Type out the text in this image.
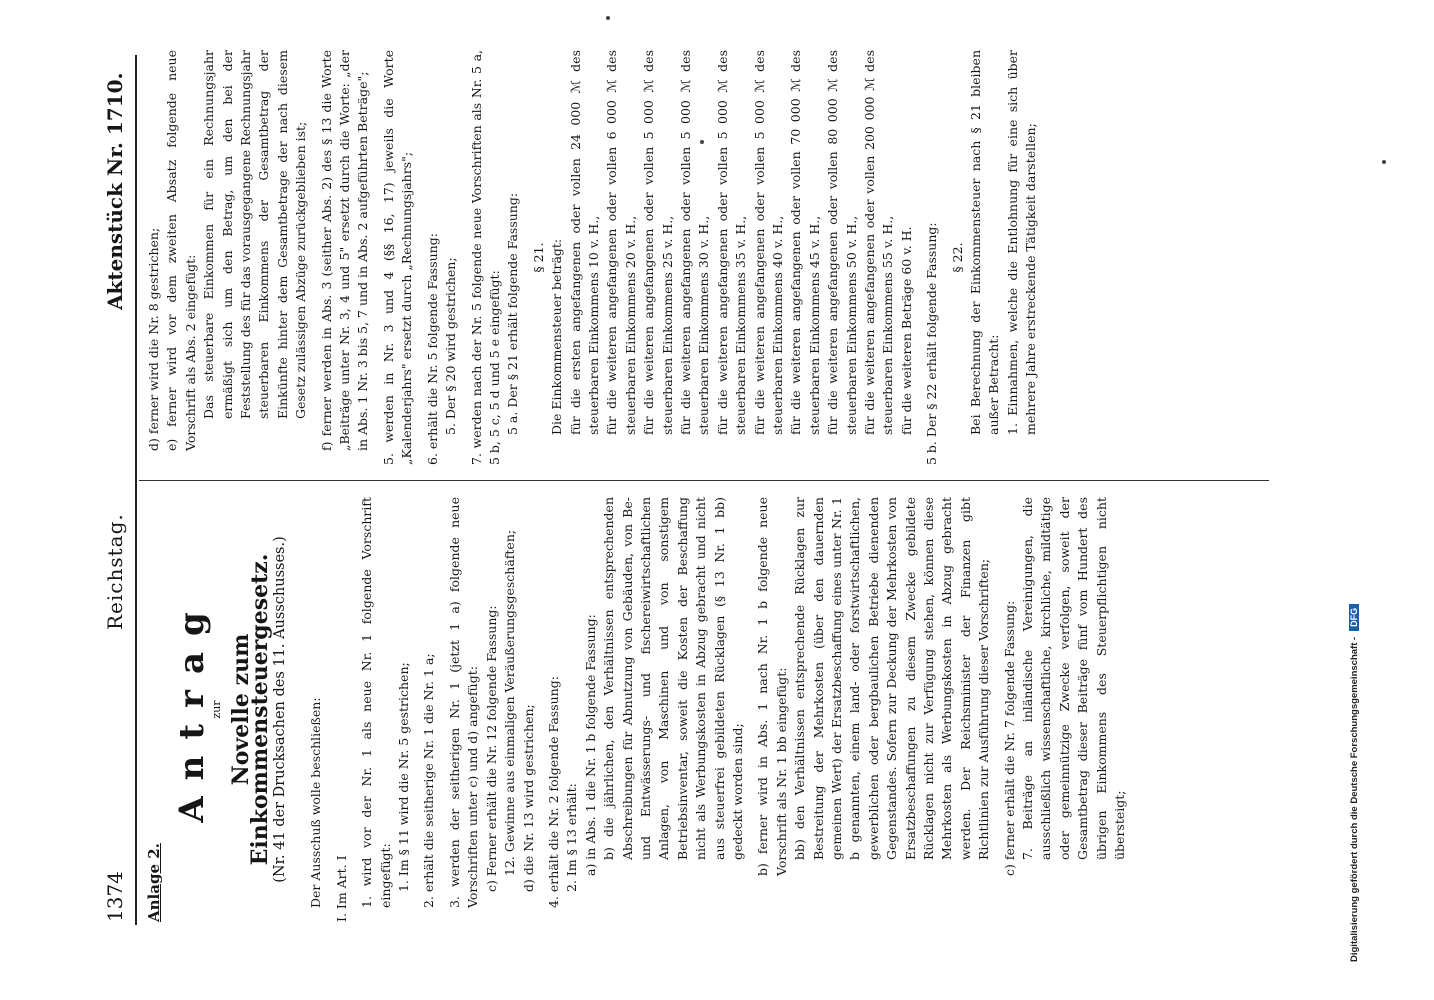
1374
Reichstag.
Aktenstück Nr. 1710.
Anlage 2.
Antrag
zur Novelle zum Einkommensteuergesetz. (Nr. 41 der Drucksachen des 11. Ausschusses.) Der Ausschuß wolle beschließen: I. Im Art. I 1. wird vor der Nr. 1 als neue Nr. 1 folgende Vorschrift eingefügt: 1. Im § 11 wird die Nr. 5 gestrichen; 2. erhält die seitherige Nr. 1 die Nr. 1 a; 3. werden der seitherigen Nr. 1 (jetzt 1 a) folgende neue Vorschriften unter c) und d) angefügt: c) Ferner erhält die Nr. 12 folgende Fassung: 12. Gewinne aus einmaligen Veräußerungsgeschäften; d) die Nr. 13 wird gestrichen; 4. erhält die Nr. 2 folgende Fassung: 2. Im § 13 erhält: a) in Abs. 1 die Nr. 1 b folgende Fassung: b) die jährlichen, den Verhältnissen entsprechenden Abschreibungen für Abnutzung von Gebäuden, von Be- und Entwässerungs- und fischereiwirtschaftlichen Anlagen, von Maschinen und von sonstigem Betriebsinventar, soweit die Kosten der Beschaffung nicht als Werbungskosten in Abzug gebracht und nicht aus steuerfrei gebildeten Rücklagen (§ 13 Nr. 1 bb) gedeckt worden sind; b) ferner wird in Abs. 1 nach Nr. 1 b folgende neue Vorschrift als Nr. 1 bb eingefügt: bb) den Verhältnissen entsprechende Rücklagen zur Bestreitung der Mehrkosten (über den dauernden gemeinen Wert) der Ersatzbeschaffung eines unter Nr. 1 b genannten, einem land- oder forstwirtschaftlichen, gewerblichen oder bergbaulichen Betriebe dienenden Gegenstandes. Sofern zur Deckung der Mehrkosten von Ersatzbeschaffungen zu diesem Zwecke gebildete Rücklagen nicht zur Verfügung stehen, können diese Mehrkosten als Werbungskosten in Abzug gebracht werden. Der Reichsminister der Finanzen gibt Richtlinien zur Ausführung dieser Vorschriften; c) ferner erhält die Nr. 7 folgende Fassung: 7. Beiträge an inländische Vereinigungen, die ausschließlich wissenschaftliche, kirchliche, mildtätige oder gemeinnützige Zwecke verfolgen, soweit der Gesamtbetrag dieser Beiträge fünf vom Hundert des übrigen Einkommens des Steuerpflichtigen nicht übersteigt;

d) ferner wird die Nr. 8 gestrichen; e) ferner wird vor dem zweiten Absatz folgende neue Vorschrift als Abs. 2 eingefügt: Das steuerbare Einkommen für ein Rechnungsjahr ermäßigt sich um den Betrag, um den bei der Feststellung des für das vorausgegangene Rechnungsjahr steuerbaren Einkommens der Gesamtbetrag der Einkünfte hinter dem Gesamtbetrage der nach diesem Gesetz zulässigen Abzüge zurückgeblieben ist; f) ferner werden in Abs. 3 (seither Abs. 2) des § 13 die Worte „Beiträge unter Nr. 3, 4 und 5" ersetzt durch die Worte: „der in Abs. 1 Nr. 3 bis 5, 7 und in Abs. 2 aufgeführten Beträge"; 5. werden in Nr. 3 und 4 (§§ 16, 17) jeweils die Worte „Kalenderjahrs" ersetzt durch „Rechnungsjahrs"; 6. erhält die Nr. 5 folgende Fassung: 5. Der § 20 wird gestrichen; 7. werden nach der Nr. 5 folgende neue Vorschriften als Nr. 5 a, 5 b, 5 c, 5 d und 5 e eingefügt: 5 a. Der § 21 erhält folgende Fassung: § 21. Die Einkommensteuer beträgt: für die ersten angefangenen oder vollen 24 000 ℳ des steuerbaren Einkommens 10 v. H., für die weiteren angefangenen oder vollen 6 000 ℳ des steuerbaren Einkommens 20 v. H., für die weiteren angefangenen oder vollen 5 000 ℳ des steuerbaren Einkommens 25 v. H., für die weiteren angefangenen oder vollen 5 000 ℳ des steuerbaren Einkommens 30 v. H., für die weiteren angefangenen oder vollen 5 000 ℳ des steuerbaren Einkommens 35 v. H., für die weiteren angefangenen oder vollen 5 000 ℳ des steuerbaren Einkommens 40 v. H., für die weiteren angefangenen oder vollen 70 000 ℳ des steuerbaren Einkommens 45 v. H., für die weiteren angefangenen oder vollen 80 000 ℳ des steuerbaren Einkommens 50 v. H., für die weiteren angefangenen oder vollen 200 000 ℳ des steuerbaren Einkommens 55 v. H., für die weiteren Beträge 60 v. H. 5 b. Der § 22 erhält folgende Fassung: § 22. Bei Berechnung der Einkommensteuer nach § 21 bleiben außer Betracht: 1. Einnahmen, welche die Entlohnung für eine sich über mehrere Jahre erstreckende Tätigkeit darstellen;

Digitalisierung gefördert durch die Deutsche Forschungsgemeinschaft -DFG
